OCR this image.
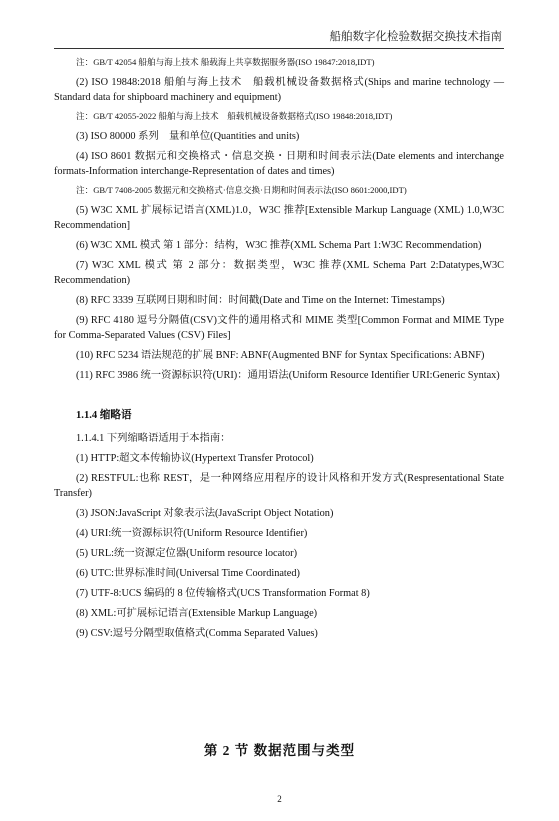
船舶数字化检验数据交换技术指南
注：GB/T 42054 船舶与海上技术 船载海上共享数据服务器(ISO 19847:2018,IDT)
(2) ISO 19848:2018 船舶与海上技术　船载机械设备数据格式(Ships and marine technology — Standard data for shipboard machinery and equipment)
注：GB/T 42055-2022 船舶与海上技术　船载机械设备数据格式(ISO 19848:2018,IDT)
(3) ISO 80000 系列　量和单位(Quantities and units)
(4) ISO 8601 数据元和交换格式・信息交换・日期和时间表示法(Date elements and interchange formats-Information interchange-Representation of dates and times)
注：GB/T 7408-2005 数据元和交换格式·信息交换·日期和时间表示法(ISO 8601:2000,IDT)
(5) W3C XML 扩展标记语言(XML)1.0，W3C 推荐[Extensible Markup Language (XML) 1.0,W3C Recommendation]
(6) W3C XML 模式 第 1 部分：结构，W3C 推荐(XML Schema Part 1:W3C Recommendation)
(7) W3C XML 模式 第 2 部分：数据类型，W3C 推荐(XML Schema Part 2:Datatypes,W3C Recommendation)
(8) RFC 3339 互联网日期和时间：时间戳(Date and Time on the Internet: Timestamps)
(9) RFC 4180 逗号分隔值(CSV)文件的通用格式和 MIME 类型[Common Format and MIME Type for Comma-Separated Values (CSV) Files]
(10) RFC 5234 语法规范的扩展 BNF: ABNF(Augmented BNF for Syntax Specifications: ABNF)
(11) RFC 3986 统一资源标识符(URI)：通用语法(Uniform Resource Identifier URI:Generic Syntax)
1.1.4 缩略语
1.1.4.1 下列缩略语适用于本指南：
(1) HTTP:超文本传输协议(Hypertext Transfer Protocol)
(2) RESTFUL:也称 REST，是一种网络应用程序的设计风格和开发方式(Respresentational State Transfer)
(3) JSON:JavaScript 对象表示法(JavaScript Object Notation)
(4) URI:统一资源标识符(Uniform Resource Identifier)
(5) URL:统一资源定位器(Uniform resource locator)
(6) UTC:世界标准时间(Universal Time Coordinated)
(7) UTF-8:UCS 编码的 8 位传输格式(UCS Transformation Format 8)
(8) XML:可扩展标记语言(Extensible Markup Language)
(9) CSV:逗号分隔型取值格式(Comma Separated Values)
第 2 节 数据范围与类型
2
